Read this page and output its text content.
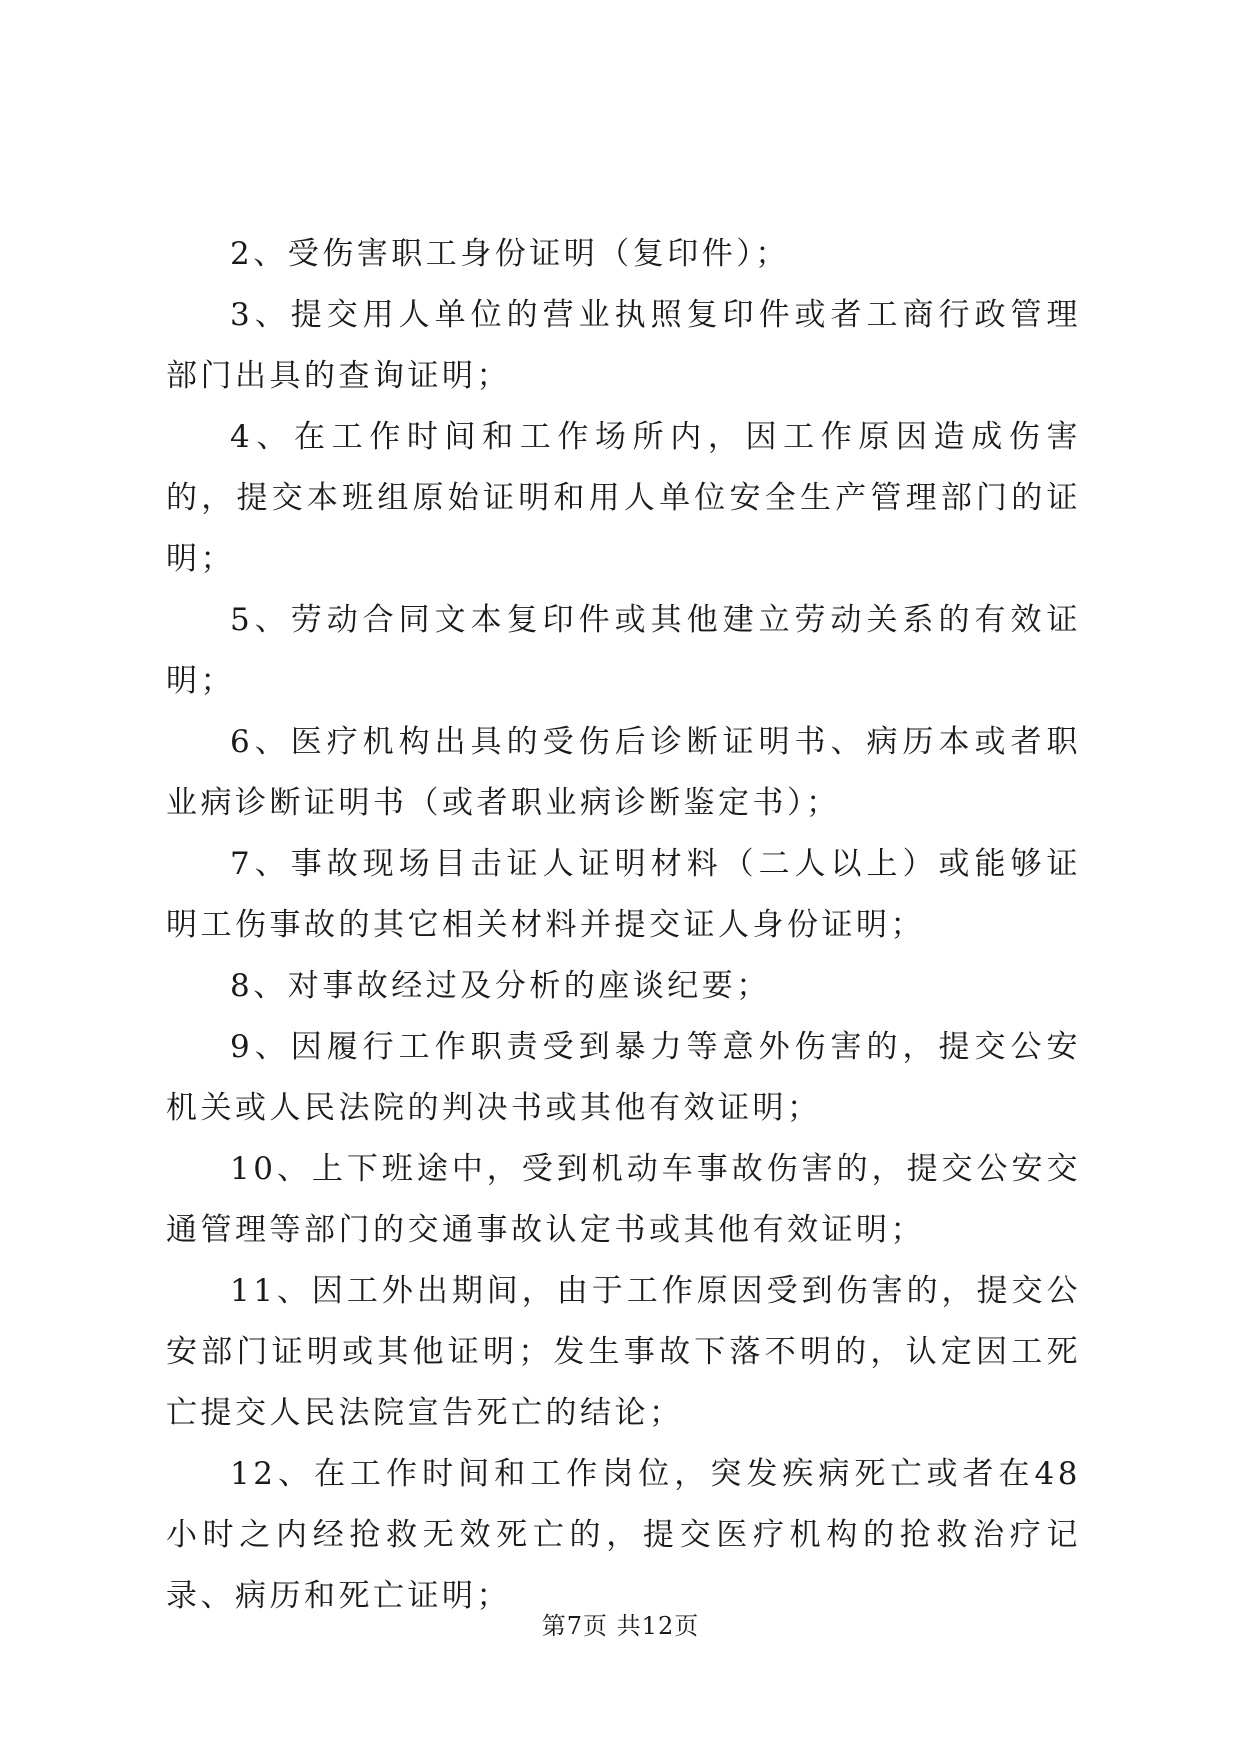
2、受伤害职工身份证明（复印件）；

3、提交用人单位的营业执照复印件或者工商行政管理部门出具的查询证明；

4、在工作时间和工作场所内，因工作原因造成伤害的，提交本班组原始证明和用人单位安全生产管理部门的证明；

5、劳动合同文本复印件或其他建立劳动关系的有效证明；

6、医疗机构出具的受伤后诊断证明书、病历本或者职业病诊断证明书（或者职业病诊断鉴定书）；

7、事故现场目击证人证明材料（二人以上）或能够证明工伤事故的其它相关材料并提交证人身份证明；

8、对事故经过及分析的座谈纪要；

9、因履行工作职责受到暴力等意外伤害的，提交公安机关或人民法院的判决书或其他有效证明；

10、上下班途中，受到机动车事故伤害的，提交公安交通管理等部门的交通事故认定书或其他有效证明；

11、因工外出期间，由于工作原因受到伤害的，提交公安部门证明或其他证明；发生事故下落不明的，认定因工死亡提交人民法院宣告死亡的结论；

12、在工作时间和工作岗位，突发疾病死亡或者在48小时之内经抢救无效死亡的，提交医疗机构的抢救治疗记录、病历和死亡证明；

第7页 共12页
